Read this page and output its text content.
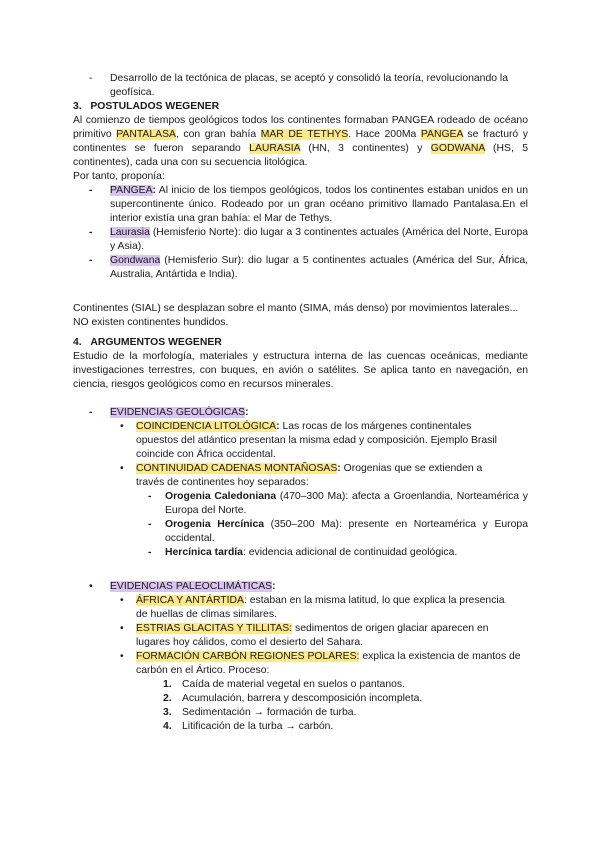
- Desarrollo de la tectónica de placas, se aceptó y consolidó la teoría, revolucionando la geofísica.

3. POSTULADOS WEGENER

Al comienzo de tiempos geológicos todos los continentes formaban PANGEA rodeado de océano primitivo PANTALASA, con gran bahía MAR DE TETHYS. Hace 200Ma PANGEA se fracturó y continentes se fueron separando LAURASIA (HN, 3 continentes) y GODWANA (HS, 5 continentes), cada una con su secuencia litológica.

Por tanto, proponía:

- PANGEA: Al inicio de los tiempos geológicos, todos los continentes estaban unidos en un supercontinente único. Rodeado por un gran océano primitivo llamado Pantalasa.En el interior existía una gran bahía: el Mar de Tethys.

- Laurasia (Hemisferio Norte): dio lugar a 3 continentes actuales (América del Norte, Europa y Asia).

- Gondwana (Hemisferio Sur): dio lugar a 5 continentes actuales (América del Sur, África, Australia, Antártida e India).

Continentes (SIAL) se desplazan sobre el manto (SIMA, más denso) por movimientos laterales... NO existen continentes hundidos.

4. ARGUMENTOS WEGENER

Estudio de la morfología, materiales y estructura interna de las cuencas oceánicas, mediante investigaciones terrestres, con buques, en avión o satélites. Se aplica tanto en navegación, en ciencia, riesgos geológicos como en recursos minerales.

- EVIDENCIAS GEOLÓGICAS:

• COINCIDENCIA LITOLÓGICA: Las rocas de los márgenes continentales opuestos del atlántico presentan la misma edad y composición. Ejemplo Brasil coincide con África occidental.

• CONTINUIDAD CADENAS MONTAÑOSAS: Orogenias que se extienden a través de continentes hoy separados:

- Orogenia Caledoniana (470–300 Ma): afecta a Groenlandia, Norteamérica y Europa del Norte.

- Orogenia Hercínica (350–200 Ma): presente en Norteamérica y Europa occidental.

- Hercínica tardía: evidencia adicional de continuidad geológica.

• EVIDENCIAS PALEOCLIMÁTICAS:

• ÁFRICA Y ANTÁRTIDA: estaban en la misma latitud, lo que explica la presencia de huellas de climas similares.

• ESTRIAS GLACITAS Y TILLITAS: sedimentos de origen glaciar aparecen en lugares hoy cálidos, como el desierto del Sahara.

• FORMACIÓN CARBÓN REGIONES POLARES: explica la existencia de mantos de carbón en el Ártico. Proceso:

1. Caída de material vegetal en suelos o pantanos.

2. Acumulación, barrera y descomposición incompleta.

3. Sedimentación → formación de turba.

4. Litificación de la turba → carbón.
